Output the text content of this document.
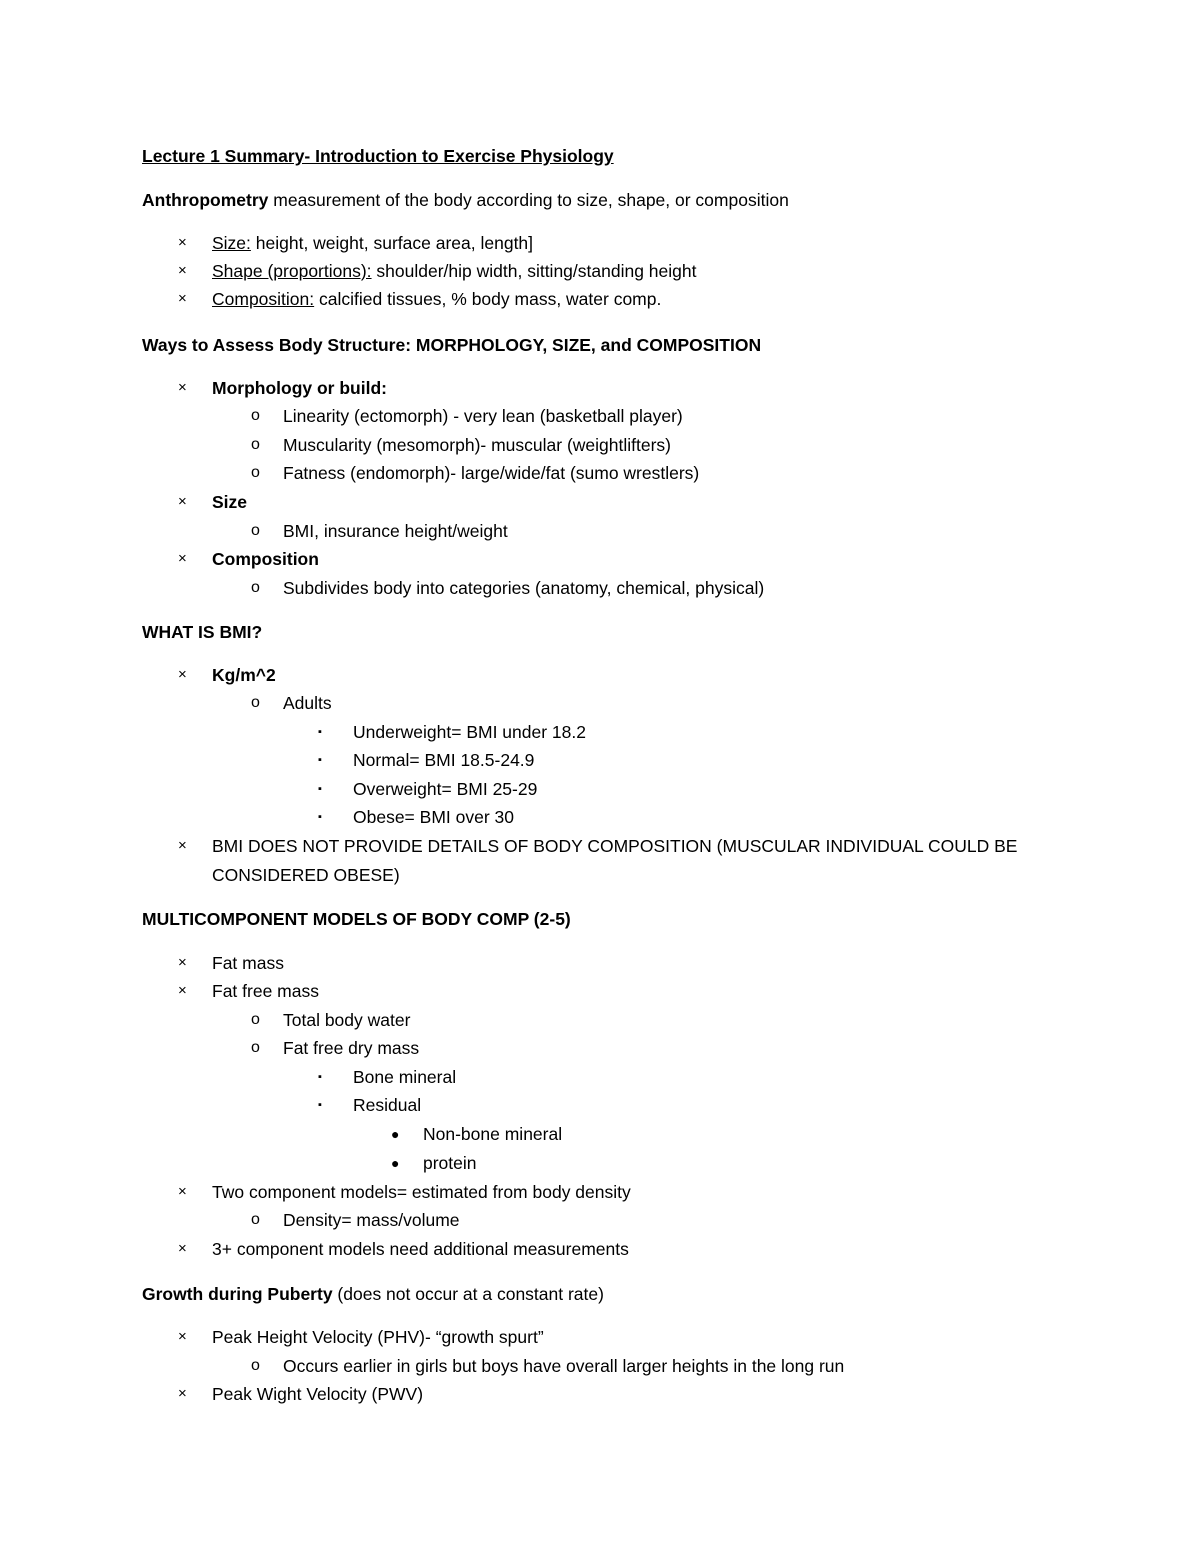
Lecture 1 Summary- Introduction to Exercise Physiology
Anthropometry measurement of the body according to size, shape, or composition
× Size: height, weight, surface area, length]
× Shape (proportions): shoulder/hip width, sitting/standing height
× Composition: calcified tissues, % body mass, water comp.
Ways to Assess Body Structure: MORPHOLOGY, SIZE, and COMPOSITION
× Morphology or build:
o Linearity (ectomorph) - very lean (basketball player)
o Muscularity (mesomorph)- muscular (weightlifters)
o Fatness (endomorph)- large/wide/fat (sumo wrestlers)
× Size
o BMI, insurance height/weight
× Composition
o Subdivides body into categories (anatomy, chemical, physical)
WHAT IS BMI?
× Kg/m^2
o Adults
▪ Underweight= BMI under 18.2
▪ Normal= BMI 18.5-24.9
▪ Overweight= BMI 25-29
▪ Obese= BMI over 30
× BMI DOES NOT PROVIDE DETAILS OF BODY COMPOSITION (MUSCULAR INDIVIDUAL COULD BE
CONSIDERED OBESE)
MULTICOMPONENT MODELS OF BODY COMP (2-5)
× Fat mass
× Fat free mass
o Total body water
o Fat free dry mass
▪ Bone mineral
▪ Residual
● Non-bone mineral
● protein
× Two component models= estimated from body density
o Density= mass/volume
× 3+ component models need additional measurements
Growth during Puberty (does not occur at a constant rate)
× Peak Height Velocity (PHV)- “growth spurt”
o Occurs earlier in girls but boys have overall larger heights in the long run
× Peak Wight Velocity (PWV)
